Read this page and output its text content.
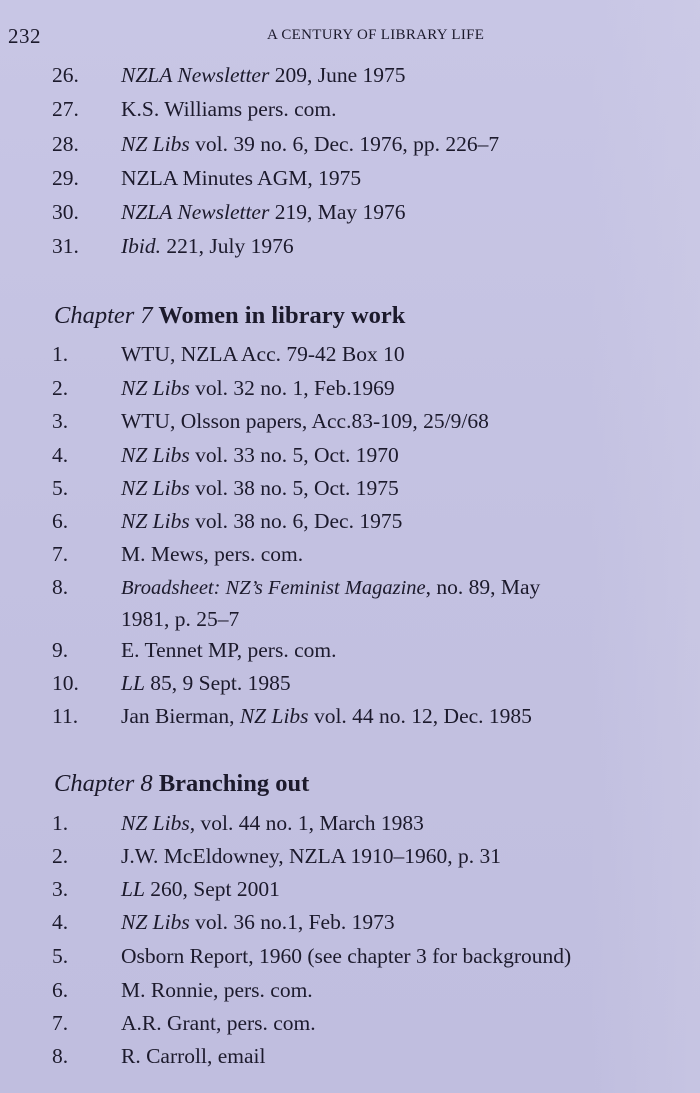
232	A CENTURY OF LIBRARY LIFE
26.	NZLA Newsletter 209, June 1975
27.	K.S. Williams pers. com.
28.	NZ Libs vol. 39 no. 6, Dec. 1976, pp. 226–7
29.	NZLA Minutes AGM, 1975
30.	NZLA Newsletter 219, May 1976
31.	Ibid. 221, July 1976
Chapter 7 Women in library work
1.	WTU, NZLA Acc. 79-42 Box 10
2.	NZ Libs vol. 32 no. 1, Feb.1969
3.	WTU, Olsson papers, Acc.83-109, 25/9/68
4.	NZ Libs vol. 33 no. 5, Oct. 1970
5.	NZ Libs vol. 38 no. 5, Oct. 1975
6.	NZ Libs vol. 38 no. 6, Dec. 1975
7.	M. Mews, pers. com.
8.	Broadsheet: NZ’s Feminist Magazine, no. 89, May
1981, p. 25–7
9.	E. Tennet MP, pers. com.
10.	LL 85, 9 Sept. 1985
11.	Jan Bierman, NZ Libs vol. 44 no. 12, Dec. 1985
Chapter 8 Branching out
1.	NZ Libs, vol. 44 no. 1, March 1983
2.	J.W. McEldowney, NZLA 1910–1960, p. 31
3.	LL 260, Sept 2001
4.	NZ Libs vol. 36 no.1, Feb. 1973
5.	Osborn Report, 1960 (see chapter 3 for background)
6.	M. Ronnie, pers. com.
7.	A.R. Grant, pers. com.
8.	R. Carroll, email
